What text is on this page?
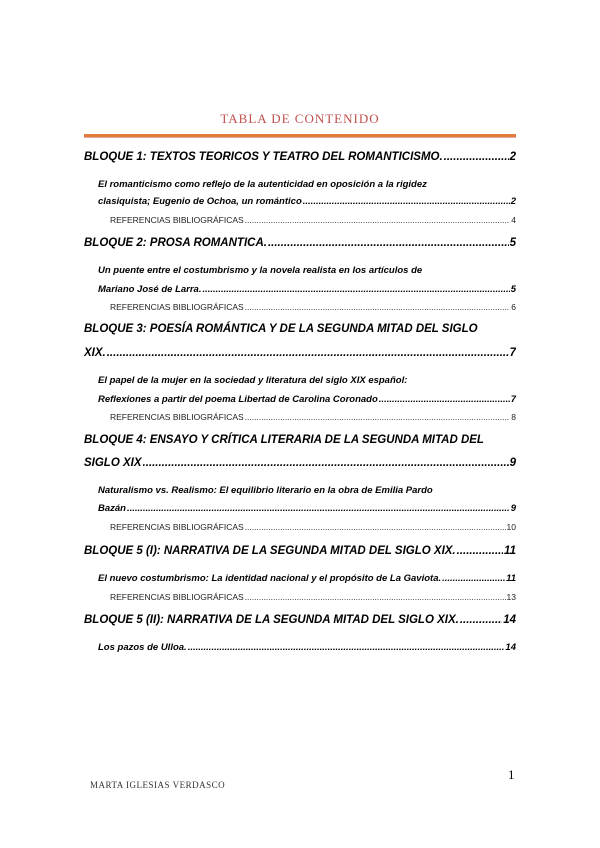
TABLA DE CONTENIDO
BLOQUE 1: TEXTOS TEÓRICOS Y TEATRO DEL ROMANTICISMO. .....	2
El romanticismo como reflejo de la autenticidad en oposición a la rigidez
clasiquista; Eugenio de Ochoa, un romántico .....	2
REFERENCIAS BIBLIOGRÁFICAS .....	4
BLOQUE 2: PROSA ROMÁNTICA. .....	5
Un puente entre el costumbrismo y la novela realista en los artículos de
Mariano José de Larra. .....	5
REFERENCIAS BIBLIOGRÁFICAS .....	6
BLOQUE 3: POESÍA ROMÁNTICA Y DE LA SEGUNDA MITAD DEL SIGLO
XIX. .....	7
El papel de la mujer en la sociedad y literatura del siglo XIX español:
Reflexiones a partir del poema Libertad de Carolina Coronado .....	7
REFERENCIAS BIBLIOGRÁFICAS .....	8
BLOQUE 4: ENSAYO Y CRÍTICA LITERARIA DE LA SEGUNDA MITAD DEL
SIGLO XIX .....	9
Naturalismo vs. Realismo: El equilibrio literario en la obra de Emilia Pardo
Bazán .....	9
REFERENCIAS BIBLIOGRÁFICAS .....	10
BLOQUE 5 (I): NARRATIVA DE LA SEGUNDA MITAD DEL SIGLO XIX. .....	11
El nuevo costumbrismo: La identidad nacional y el propósito de La Gaviota. .....	11
REFERENCIAS BIBLIOGRÁFICAS .....	13
BLOQUE 5 (II): NARRATIVA DE LA SEGUNDA MITAD DEL SIGLO XIX. .....	14
Los pazos de Ulloa. .....	14
1
MARTA IGLESIAS VERDASCO
